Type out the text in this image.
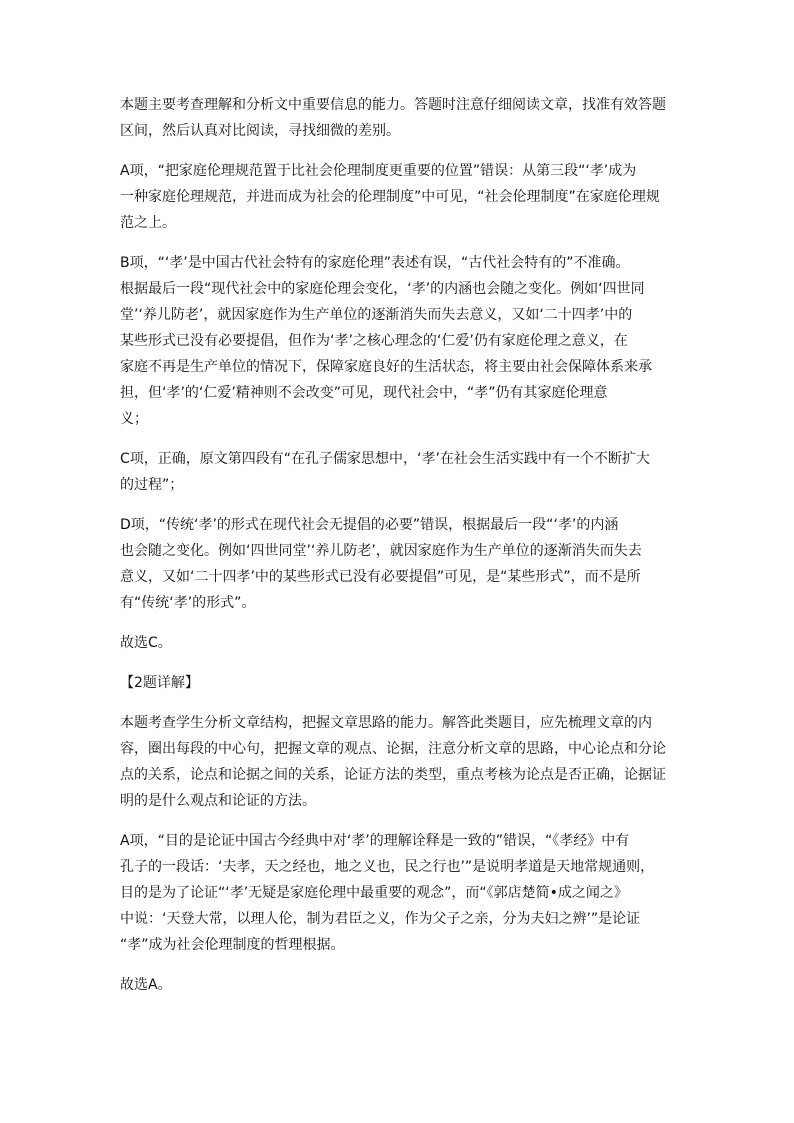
本题主要考查理解和分析文中重要信息的能力。答题时注意仔细阅读文章，找准有效答题
区间，然后认真对比阅读，寻找细微的差别。

A项，“把家庭伦理规范置于比社会伦理制度更重要的位置”错误：从第三段“‘孝’成为
一种家庭伦理规范，并进而成为社会的伦理制度”中可见，“社会伦理制度”在家庭伦理规
范之上。

B项，“‘孝’是中国古代社会特有的家庭伦理”表述有误，“古代社会特有的”不准确。
根据最后一段“现代社会中的家庭伦理会变化，‘孝’的内涵也会随之变化。例如‘四世同
堂’‘养儿防老’，就因家庭作为生产单位的逐渐消失而失去意义，又如‘二十四孝’中的
某些形式已没有必要提倡，但作为‘孝’之核心理念的‘仁爱’仍有家庭伦理之意义，在
家庭不再是生产单位的情况下，保障家庭良好的生活状态，将主要由社会保障体系来承
担，但‘孝’的‘仁爱’精神则不会改变”可见，现代社会中，“孝”仍有其家庭伦理意
义；

C项，正确，原文第四段有“在孔子儒家思想中，‘孝’在社会生活实践中有一个不断扩大
的过程”；

D项，“传统‘孝’的形式在现代社会无提倡的必要”错误，根据最后一段“‘孝’的内涵
也会随之变化。例如‘四世同堂’‘养儿防老’，就因家庭作为生产单位的逐渐消失而失去
意义，又如‘二十四孝’中的某些形式已没有必要提倡”可见，是“某些形式”，而不是所
有“传统‘孝’的形式”。

故选C。

【2题详解】

本题考查学生分析文章结构，把握文章思路的能力。解答此类题目，应先梳理文章的内
容，圈出每段的中心句，把握文章的观点、论据，注意分析文章的思路，中心论点和分论
点的关系，论点和论据之间的关系，论证方法的类型，重点考核为论点是否正确，论据证
明的是什么观点和论证的方法。

A项，“目的是论证中国古今经典中对‘孝’的理解诠释是一致的”错误，“《孝经》中有
孔子的一段话：‘夫孝，天之经也，地之义也，民之行也’”是说明孝道是天地常规通则，
目的是为了论证“‘孝’无疑是家庭伦理中最重要的观念”，而“《郭店楚简•成之闻之》
中说：‘天登大常，以理人伦，制为君臣之义，作为父子之亲，分为夫妇之辨’”是论证
“孝”成为社会伦理制度的哲理根据。

故选A。
